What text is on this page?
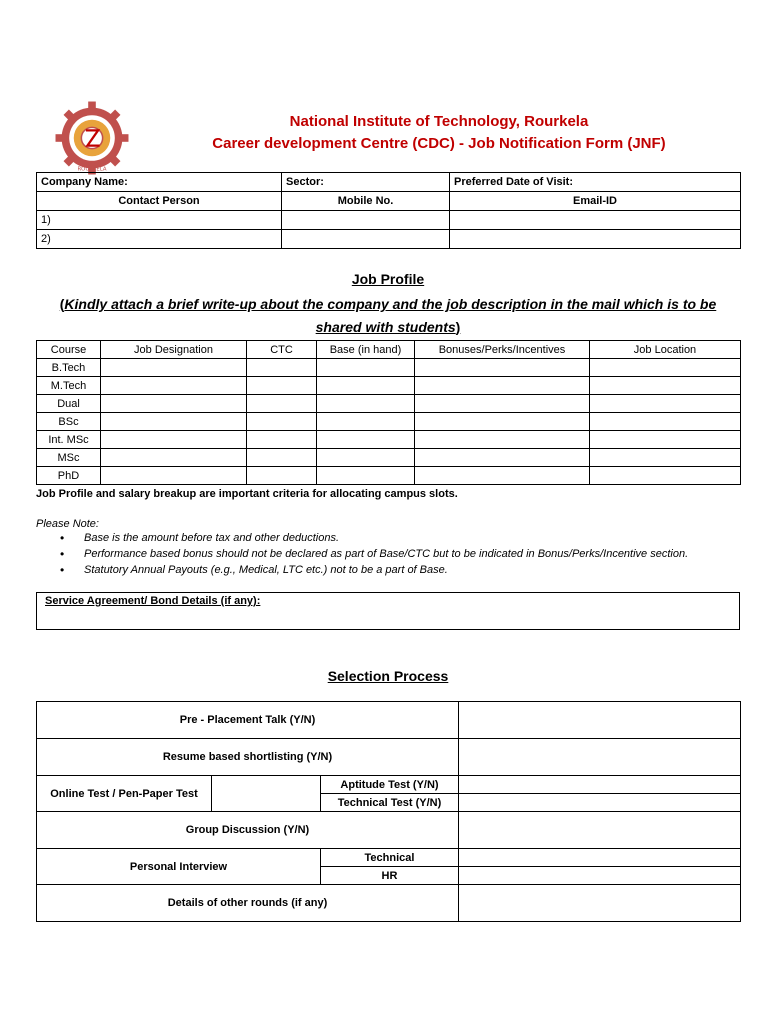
ROURKELA
National Institute of Technology, Rourkela
Career development Centre (CDC) - Job Notification Form (JNF)
Company Name:	Sector:	Preferred Date of Visit:
Contact Person	Mobile No.	Email-ID
1)		
2)		
Job Profile
(Kindly attach a brief write-up about the company and the job description in the mail which is to be shared with students)
Course	Job Designation	CTC	Base (in hand)	Bonuses/Perks/Incentives	Job Location
B.Tech					
M.Tech					
Dual					
BSc					
Int. MSc					
MSc					
PhD					
Job Profile and salary breakup are important criteria for allocating campus slots.
Please Note:
• Base is the amount before tax and other deductions.
• Performance based bonus should not be declared as part of Base/CTC but to be indicated in Bonus/Perks/Incentive section.
• Statutory Annual Payouts (e.g., Medical, LTC etc.) not to be a part of Base.
Service Agreement/ Bond Details (if any):
Selection Process
Pre - Placement Talk (Y/N)			
Resume based shortlisting (Y/N)			
Online Test / Pen-Paper Test		Aptitude Test (Y/N)	
		Technical Test (Y/N)	
Group Discussion (Y/N)			
Personal Interview		Technical	
		HR	
Details of other rounds (if any)			
